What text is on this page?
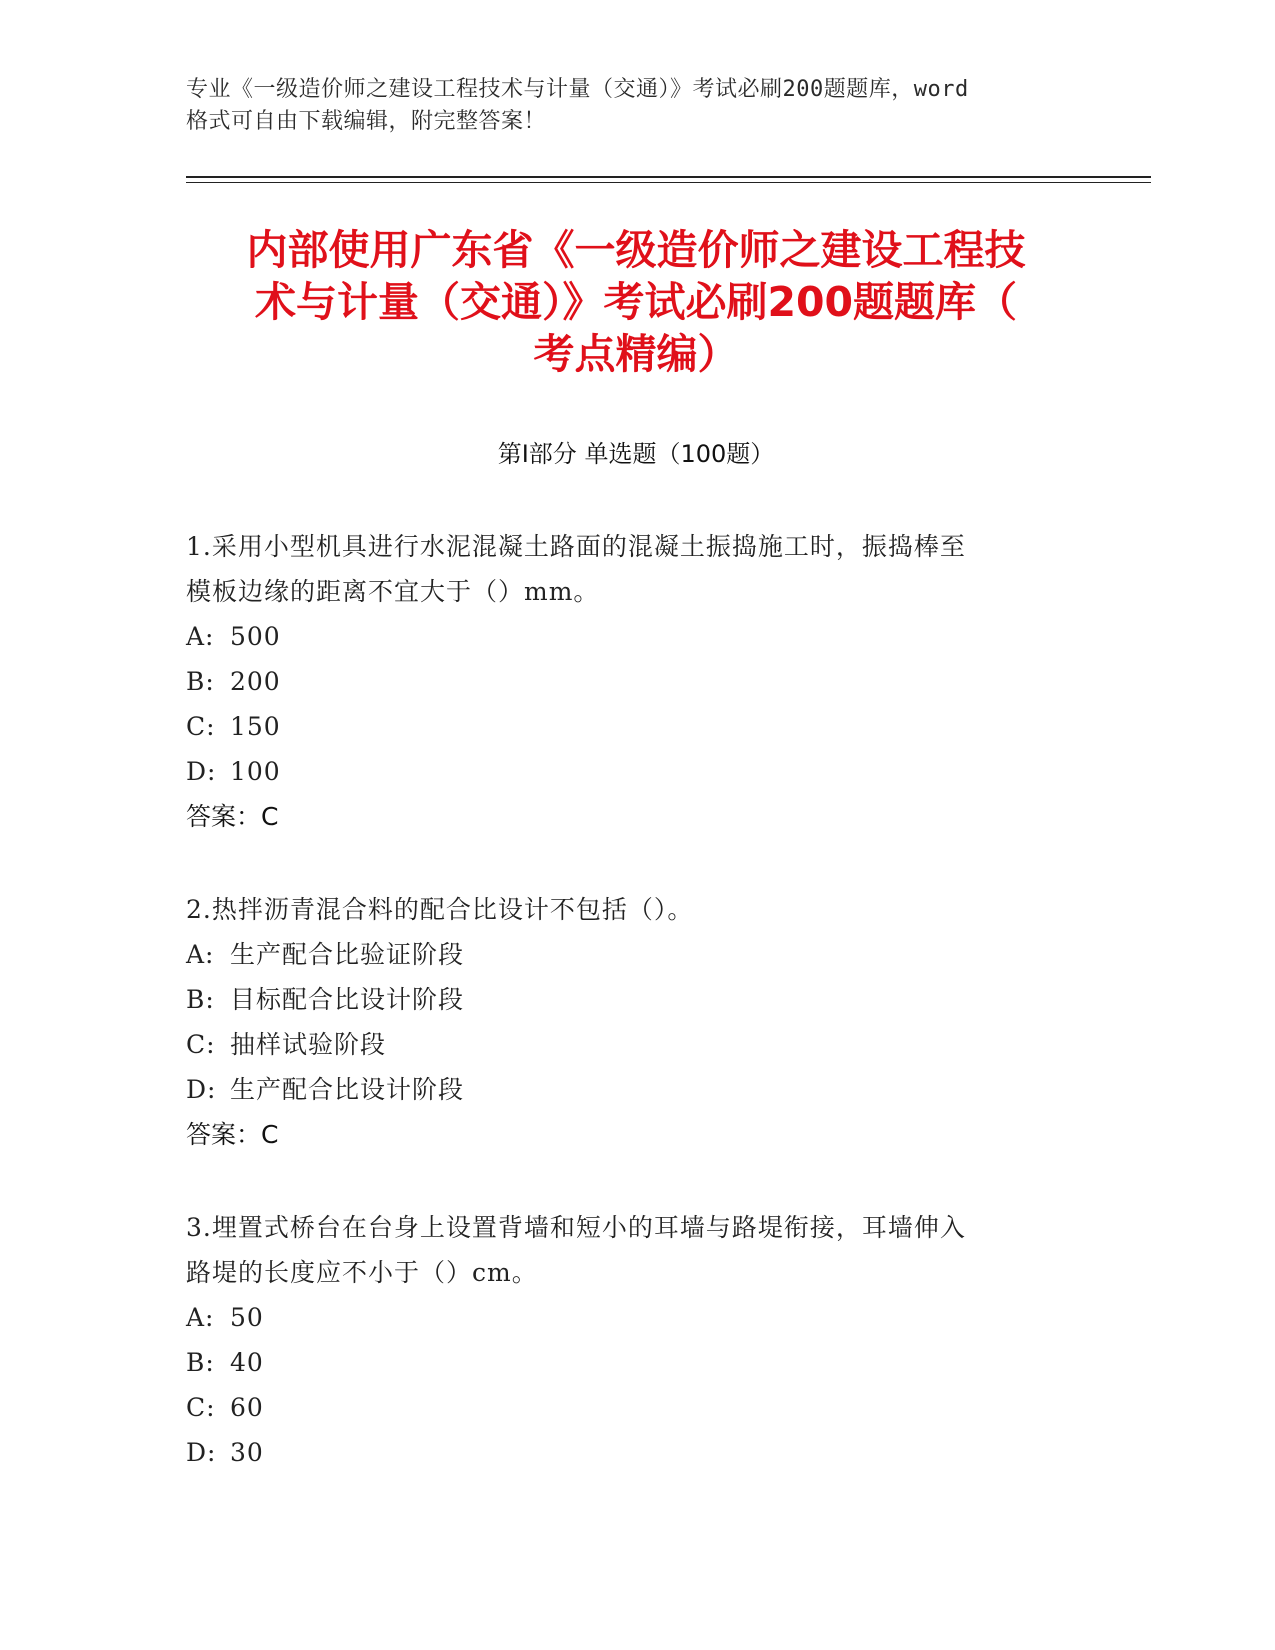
专业《一级造价师之建设工程技术与计量（交通）》考试必刷200题题库，word
格式可自由下载编辑，附完整答案！
内部使用广东省《一级造价师之建设工程技
术与计量（交通）》考试必刷200题题库（
考点精编）
第Ⅰ部分 单选题（100题）
1.采用小型机具进行水泥混凝土路面的混凝土振捣施工时，振捣棒至
模板边缘的距离不宜大于（）mm。
A: 500
B: 200
C: 150
D: 100
答案：C
2.热拌沥青混合料的配合比设计不包括（）。
A: 生产配合比验证阶段
B: 目标配合比设计阶段
C: 抽样试验阶段
D: 生产配合比设计阶段
答案：C
3.埋置式桥台在台身上设置背墙和短小的耳墙与路堤衔接，耳墙伸入
路堤的长度应不小于（）cm。
A: 50
B: 40
C: 60
D: 30
